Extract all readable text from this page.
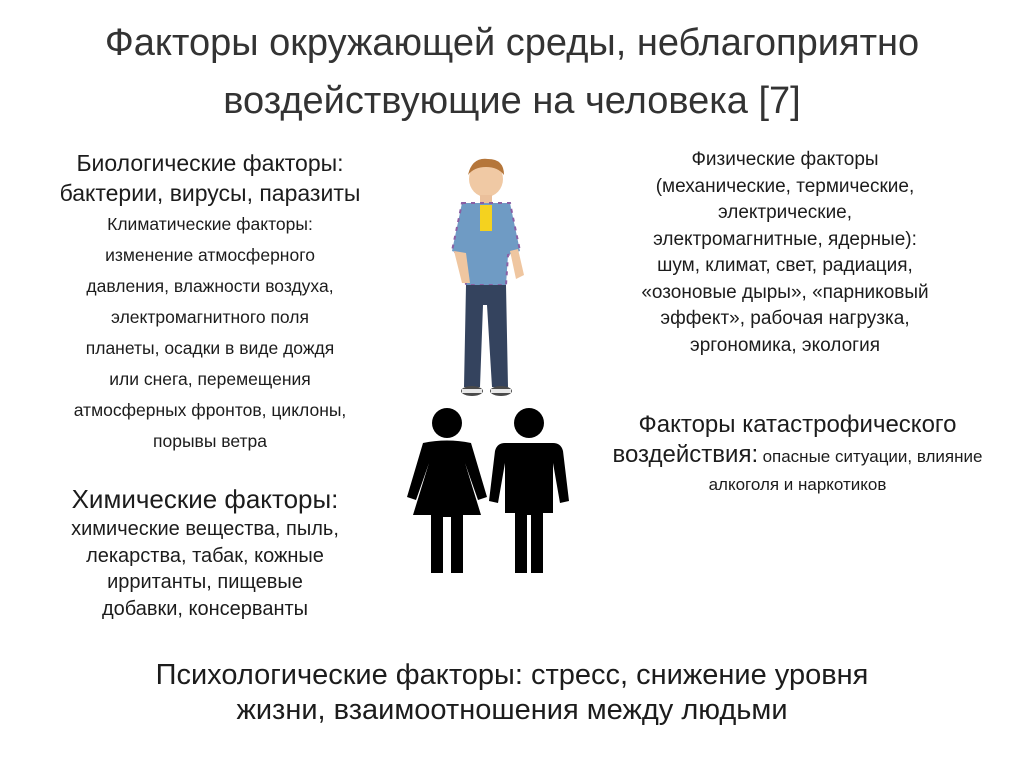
Факторы окружающей среды, неблагоприятно
воздействующие на человека [7]
Биологические факторы:
бактерии, вирусы, паразиты
Климатические факторы:
изменение атмосферного
давления, влажности воздуха,
электромагнитного поля
планеты, осадки в виде дождя
или снега, перемещения
атмосферных фронтов, циклоны,
порывы ветра
Химические факторы:
химические вещества, пыль,
лекарства, табак, кожные
ирританты, пищевые
добавки, консерванты
Физические факторы
(механические, термические,
электрические,
электромагнитные, ядерные):
шум, климат, свет, радиация,
«озоновые дыры», «парниковый
эффект», рабочая нагрузка,
эргономика, экология
Факторы катастрофического
воздействия: опасные ситуации, влияние алкоголя и наркотиков
Психологические факторы: стресс, снижение уровня
жизни, взаимоотношения между людьми
